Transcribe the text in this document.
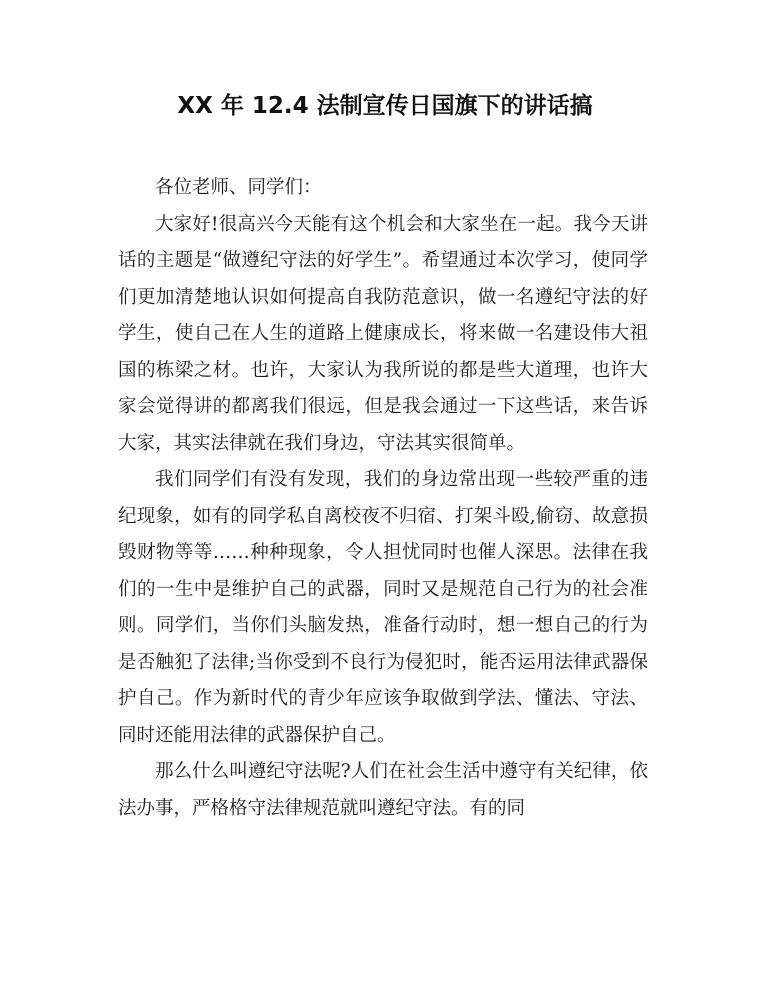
XX 年 12.4 法制宣传日国旗下的讲话搞

各位老师、同学们：

大家好!很高兴今天能有这个机会和大家坐在一起。我今天讲话的主题是“做遵纪守法的好学生”。希望通过本次学习，使同学们更加清楚地认识如何提高自我防范意识，做一名遵纪守法的好学生，使自己在人生的道路上健康成长，将来做一名建设伟大祖国的栋梁之材。也许，大家认为我所说的都是些大道理，也许大家会觉得讲的都离我们很远，但是我会通过一下这些话，来告诉大家，其实法律就在我们身边，守法其实很简单。

我们同学们有没有发现，我们的身边常出现一些较严重的违纪现象，如有的同学私自离校夜不归宿、打架斗殴,偷窃、故意损毁财物等等……种种现象，令人担忧同时也催人深思。法律在我们的一生中是维护自己的武器，同时又是规范自己行为的社会准则。同学们，当你们头脑发热，准备行动时，想一想自己的行为是否触犯了法律;当你受到不良行为侵犯时，能否运用法律武器保护自己。作为新时代的青少年应该争取做到学法、懂法、守法、同时还能用法律的武器保护自己。

那么什么叫遵纪守法呢?人们在社会生活中遵守有关纪律，依法办事，严格格守法律规范就叫遵纪守法。有的同
